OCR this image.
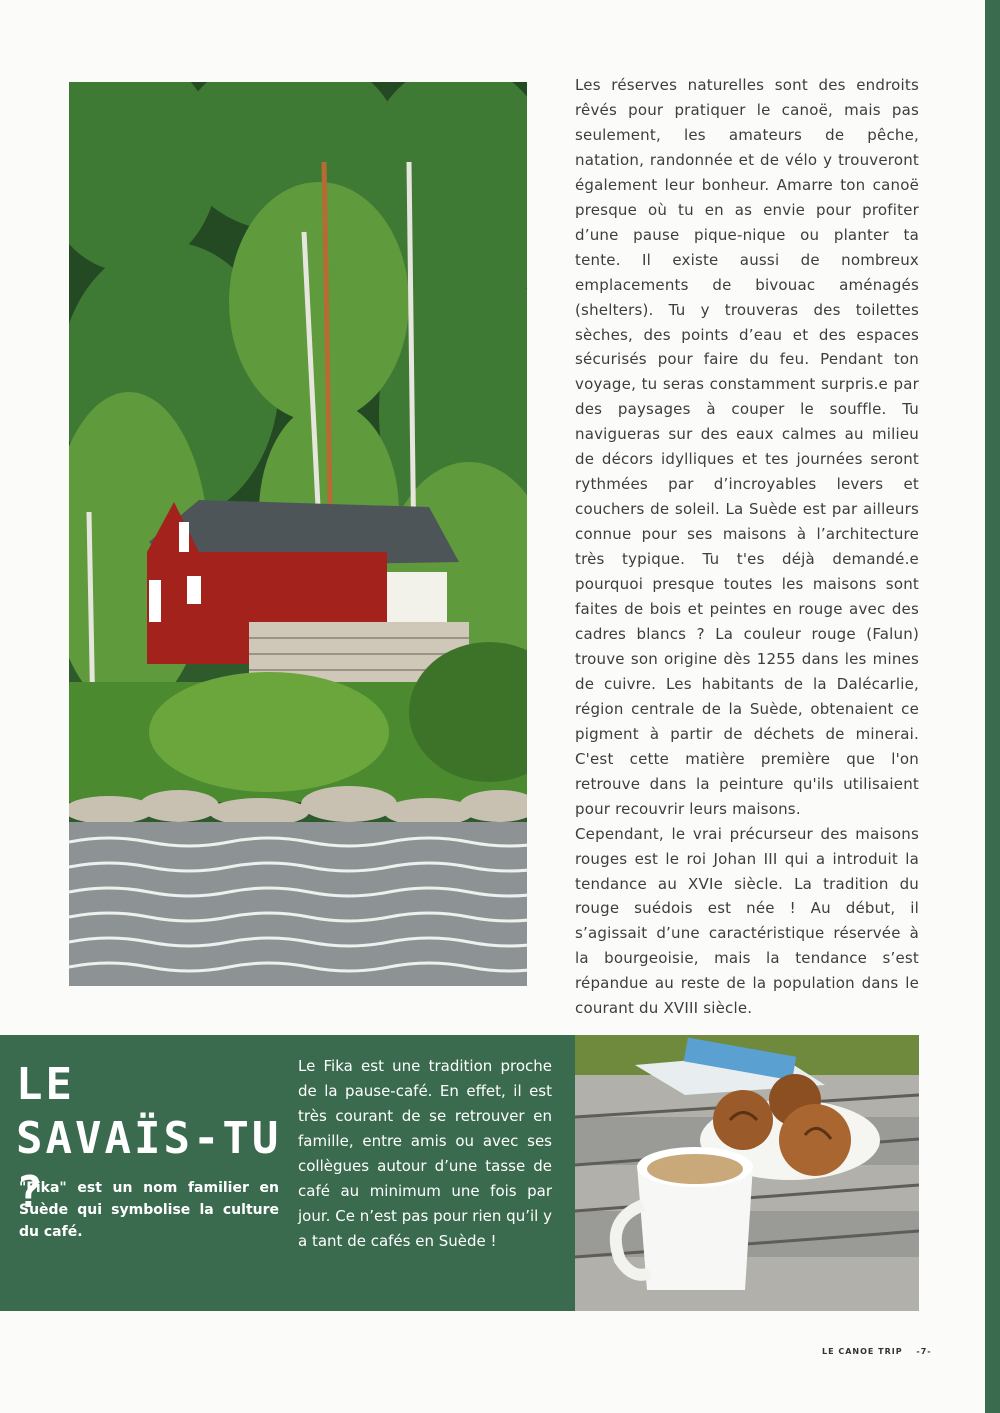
Les réserves naturelles sont des endroits rêvés pour pratiquer le canoë, mais pas seulement, les amateurs de pêche, natation, randonnée et de vélo y trouveront également leur bonheur. Amarre ton canoë presque où tu en as envie pour profiter d’une pause pique-nique ou planter ta tente. Il existe aussi de nombreux emplacements de bivouac aménagés (shelters). Tu y trouveras des toilettes sèches, des points d’eau et des espaces sécurisés pour faire du feu. Pendant ton voyage, tu seras constamment surpris.e par des paysages à couper le souffle. Tu navigueras sur des eaux calmes au milieu de décors idylliques et tes journées seront rythmées par d’incroyables levers et couchers de soleil. La Suède est par ailleurs connue pour ses maisons à l’architecture très typique. Tu t'es déjà demandé.e pourquoi presque toutes les maisons sont faites de bois et peintes en rouge avec des cadres blancs ? La couleur rouge (Falun) trouve son origine dès 1255 dans les mines de cuivre. Les habitants de la Dalécarlie, région centrale de la Suède, obtenaient ce pigment à partir de déchets de minerai. C'est cette matière première que l'on retrouve dans la peinture qu'ils utilisaient pour recouvrir leurs maisons.

Cependant, le vrai précurseur des maisons rouges est le roi Johan III qui a introduit la tendance au XVIe siècle. La tradition du rouge suédois est née ! Au début, il s’agissait d’une caractéristique réservée à la bourgeoisie, mais la tendance s’est répandue au reste de la population dans le courant du XVIII siècle.

LE SAVAÏS-TU ?

"Fika" est un nom familier en Suède qui symbolise la culture du café.

Le Fika est une tradition proche de la pause-café. En effet, il est très courant de se retrouver en famille, entre amis ou avec ses collègues autour d’une tasse de café au minimum une fois par jour. Ce n’est pas pour rien qu’il y a tant de cafés en Suède !

LE CANOE TRIP -7-
